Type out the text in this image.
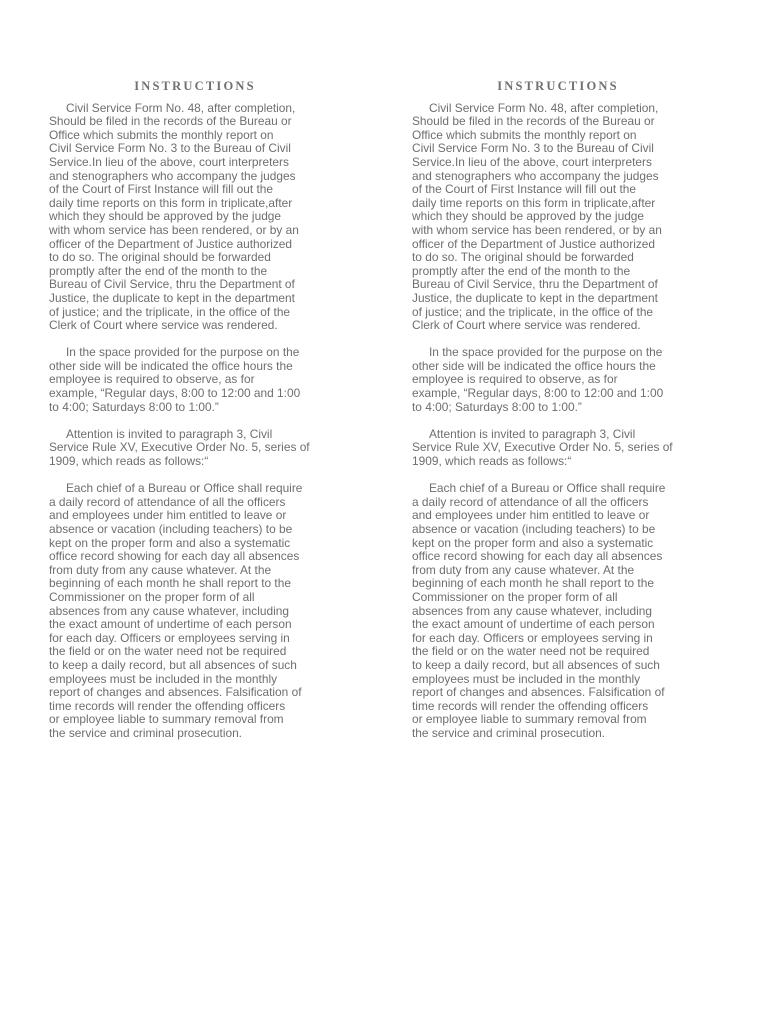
INSTRUCTIONS
Civil Service Form No. 48, after completion,
Should be filed in the records of the Bureau or
Office which submits the monthly report on
Civil Service Form No. 3 to the Bureau of Civil
Service.In lieu of the above, court interpreters
and stenographers who accompany the judges
of the Court of First Instance will fill out the
daily time reports on this form in triplicate,after
which they should be approved by the judge
with whom service has been rendered, or by an
officer of the Department of Justice authorized
to do so. The original should be forwarded
promptly after the end of the month to the
Bureau of Civil Service, thru the Department of
Justice, the duplicate to kept in the department
of justice; and the triplicate, in the office of the
Clerk of Court where service was rendered.
In the space provided for the purpose on the
other side will be indicated the office hours the
employee is required to observe, as for
example, “Regular days, 8:00 to 12:00 and 1:00
to 4:00; Saturdays 8:00 to 1:00.”
Attention is invited to paragraph 3, Civil
Service Rule XV, Executive Order No. 5, series of
1909, which reads as follows:“
Each chief of a Bureau or Office shall require
a daily record of attendance of all the officers
and employees under him entitled to leave or
absence or vacation (including teachers) to be
kept on the proper form and also a systematic
office record showing for each day all absences
from duty from any cause whatever. At the
beginning of each month he shall report to the
Commissioner on the proper form of all
absences from any cause whatever, including
the exact amount of undertime of each person
for each day. Officers or employees serving in
the field or on the water need not be required
to keep a daily record, but all absences of such
employees must be included in the monthly
report of changes and absences. Falsification of
time records will render the offending officers
or employee liable to summary removal from
the service and criminal prosecution.
INSTRUCTIONS
Civil Service Form No. 48, after completion,
Should be filed in the records of the Bureau or
Office which submits the monthly report on
Civil Service Form No. 3 to the Bureau of Civil
Service.In lieu of the above, court interpreters
and stenographers who accompany the judges
of the Court of First Instance will fill out the
daily time reports on this form in triplicate,after
which they should be approved by the judge
with whom service has been rendered, or by an
officer of the Department of Justice authorized
to do so. The original should be forwarded
promptly after the end of the month to the
Bureau of Civil Service, thru the Department of
Justice, the duplicate to kept in the department
of justice; and the triplicate, in the office of the
Clerk of Court where service was rendered.
In the space provided for the purpose on the
other side will be indicated the office hours the
employee is required to observe, as for
example, “Regular days, 8:00 to 12:00 and 1:00
to 4:00; Saturdays 8:00 to 1:00.”
Attention is invited to paragraph 3, Civil
Service Rule XV, Executive Order No. 5, series of
1909, which reads as follows:“
Each chief of a Bureau or Office shall require
a daily record of attendance of all the officers
and employees under him entitled to leave or
absence or vacation (including teachers) to be
kept on the proper form and also a systematic
office record showing for each day all absences
from duty from any cause whatever. At the
beginning of each month he shall report to the
Commissioner on the proper form of all
absences from any cause whatever, including
the exact amount of undertime of each person
for each day. Officers or employees serving in
the field or on the water need not be required
to keep a daily record, but all absences of such
employees must be included in the monthly
report of changes and absences. Falsification of
time records will render the offending officers
or employee liable to summary removal from
the service and criminal prosecution.
